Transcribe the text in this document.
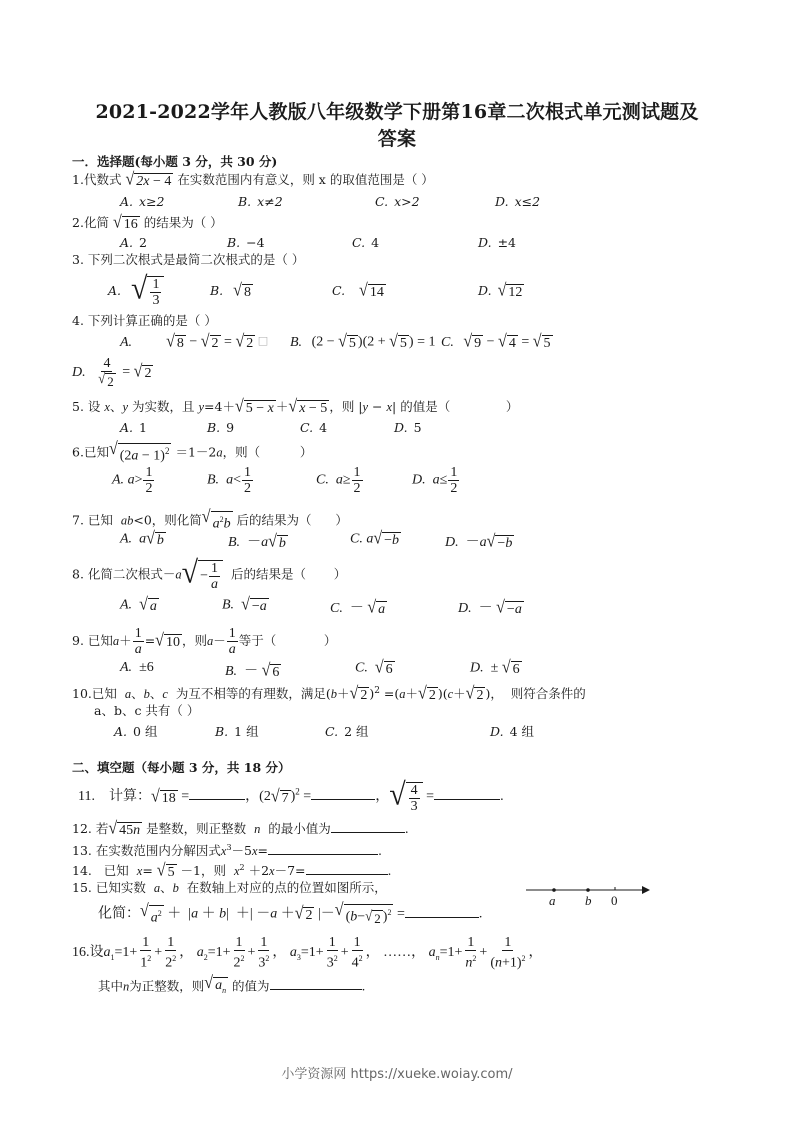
2021-2022学年人教版八年级数学下册第16章二次根式单元测试题及
答案
一．选择题(每小题 3 分，共 30 分)
1.代数式 √ 2x − 4 在实数范围内有意义，则 x 的取值范围是（ ）
A. x≥2	B. x≠2	C. x>2	D. x≤2
2.化简 √ 16 的结果为（ ）
A. 2	B. −4	C. 4	D. ±4
3. 下列二次根式是最简二次根式的是（ ）
A. √ $\frac{1}{3}$	B. √ 8	C. √ 14	D. √ 12
4. 下列计算正确的是（ ）
A. √ 8 − √ 2 = √ 2 □ B. (2 − √ 5 )(2 + √ 5 ) = 1 C. √ 9 − √ 4 = √ 5
D. $\frac{4}{√ 2}$ = √ 2
5. 设 x、y 为实数，且 y=4＋ √ 5 − x ＋ √ x − 5 ，则 |y − x| 的值是（              ）
A. 1	B. 9	C. 4	D. 5
6.已知 √ $(2a - 1)^2 =1-2a$，则（          ）
A. $a> \frac{1}{2}$	B. $a< \frac{1}{2}$	C. $a\ge \frac{1}{2}$	D. $a\le \frac{1}{2}$
7. 已知  ab<0，则化简 √ $a^2b$ 后的结果为（      ）
A. a √ b	B.  －a √ b	C. a √ −b	D.  －a √ −b
8. 化简二次根式－a √ − $\frac{1}{a}$ 后的结果是（       ）
A. √ a	B. √ −a	C.  － √ a	D.  － √ −a
9. 已知$a+ \frac{1}{a}$ = √ 10 ，则$a- \frac{1}{a}$ 等于（            ）
A.  ±6	B.  － √ 6	C. √ 6	D.  ± √ 6
10.已知  a、b、c  为互不相等的有理数，满足(b＋ √ 2 )$^2$ =(a＋ √ 2 )(c＋ √ 2 )，  则符合条件的
a、b、c 共有（ ）
A. 0 组	B. 1 组	C. 2 组	D. 4 组
二、填空题（每小题 3 分，共 18 分）
11.    计算： √ 18 =	，(2 √ 7 )$^2$ =	， √ $\frac{4}{3}$ =	.
12. 若 √ 45n 是整数，则正整数  n  的最小值为	.
13. 在实数范围内分解因式$x^3-5x=$	.
14.   已知  x= √ 5 －1，则  $x^2 +2x-7=$	.
15. 已知实数  a、b  在数轴上对应的点的位置如图所示，
化简： √ $a^2 + |a + b|$  ＋| －a ＋ √ 2 |－ √ (b− √ 2 )$^2$ =	.
a b 0
16.设$a_1=1+ \frac{1}{1^2} + \frac{1}{2^2}$ ， $a_2=1+ \frac{1}{2^2} + \frac{1}{3^2}$ ， $a_3=1+ \frac{1}{3^2} + \frac{1}{4^2}$ ， ……， $a_n=1+ \frac{1}{n^2} + \frac{1}{(n+1)^2}$ ，
其中n为正整数，则 √ $a_n$ 的值为	.
小学资源网 https://xueke.woiay.com/
